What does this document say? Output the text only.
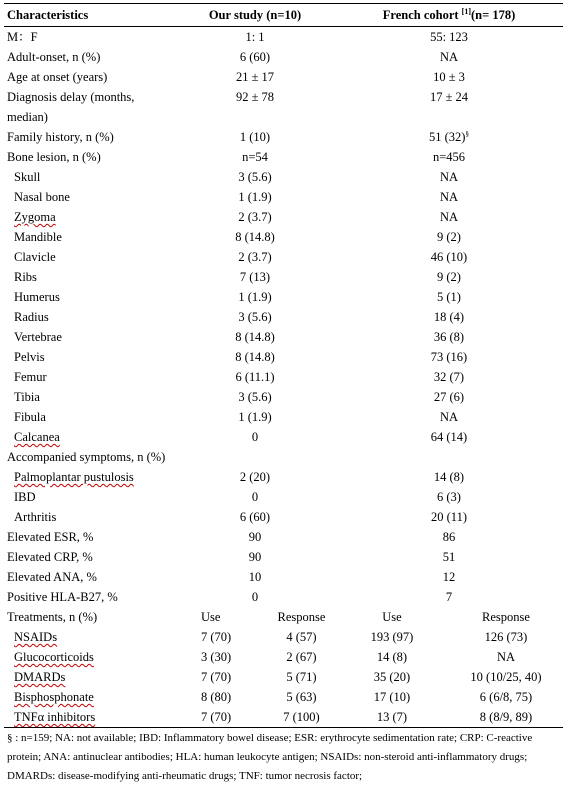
Characteristics	Our study (n=10)	French cohort [1](n= 178)
M：F	1: 1	55: 123
Adult-onset, n (%)	6 (60)	NA
Age at onset (years)	21 ± 17	10 ± 3
Diagnosis delay (months, median)	92 ± 78	17 ± 24
Family history, n (%)	1 (10)	51 (32)§
Bone lesion, n (%)	n=54	n=456
Skull	3 (5.6)	NA
Nasal bone	1 (1.9)	NA
Zygoma	2 (3.7)	NA
Mandible	8 (14.8)	9 (2)
Clavicle	2 (3.7)	46 (10)
Ribs	7 (13)	9 (2)
Humerus	1 (1.9)	5 (1)
Radius	3 (5.6)	18 (4)
Vertebrae	8 (14.8)	36 (8)
Pelvis	8 (14.8)	73 (16)
Femur	6 (11.1)	32 (7)
Tibia	3 (5.6)	27 (6)
Fibula	1 (1.9)	NA
Calcanea	0	64 (14)
Accompanied symptoms, n (%)		
Palmoplantar pustulosis	2 (20)	14 (8)
IBD	0	6 (3)
Arthritis	6 (60)	20 (11)
Elevated ESR, %	90	86
Elevated CRP, %	90	51
Elevated ANA, %	10	12
Positive HLA-B27, %	0	7
Treatments, n (%)	Use Response	Use Response

NSAIDs	7 (70) 4 (57)	193 (97) 126 (73)

Glucocorticoids	3 (30) 2 (67)	14 (8) NA

DMARDs	7 (70) 5 (71)	35 (20) 10 (10/25, 40)

Bisphosphonate	8 (80) 5 (63)	17 (10) 6 (6/8, 75)

TNFα inhibitors	7 (70) 7 (100)	13 (7) 8 (8/9, 89)
§ : n=159; NA: not available; IBD: Inflammatory bowel disease; ESR: erythrocyte sedimentation rate; CRP: C-reactive protein; ANA: antinuclear antibodies; HLA: human leukocyte antigen; NSAIDs: non-steroid anti-inflammatory drugs; DMARDs: disease-modifying anti-rheumatic drugs; TNF: tumor necrosis factor;
